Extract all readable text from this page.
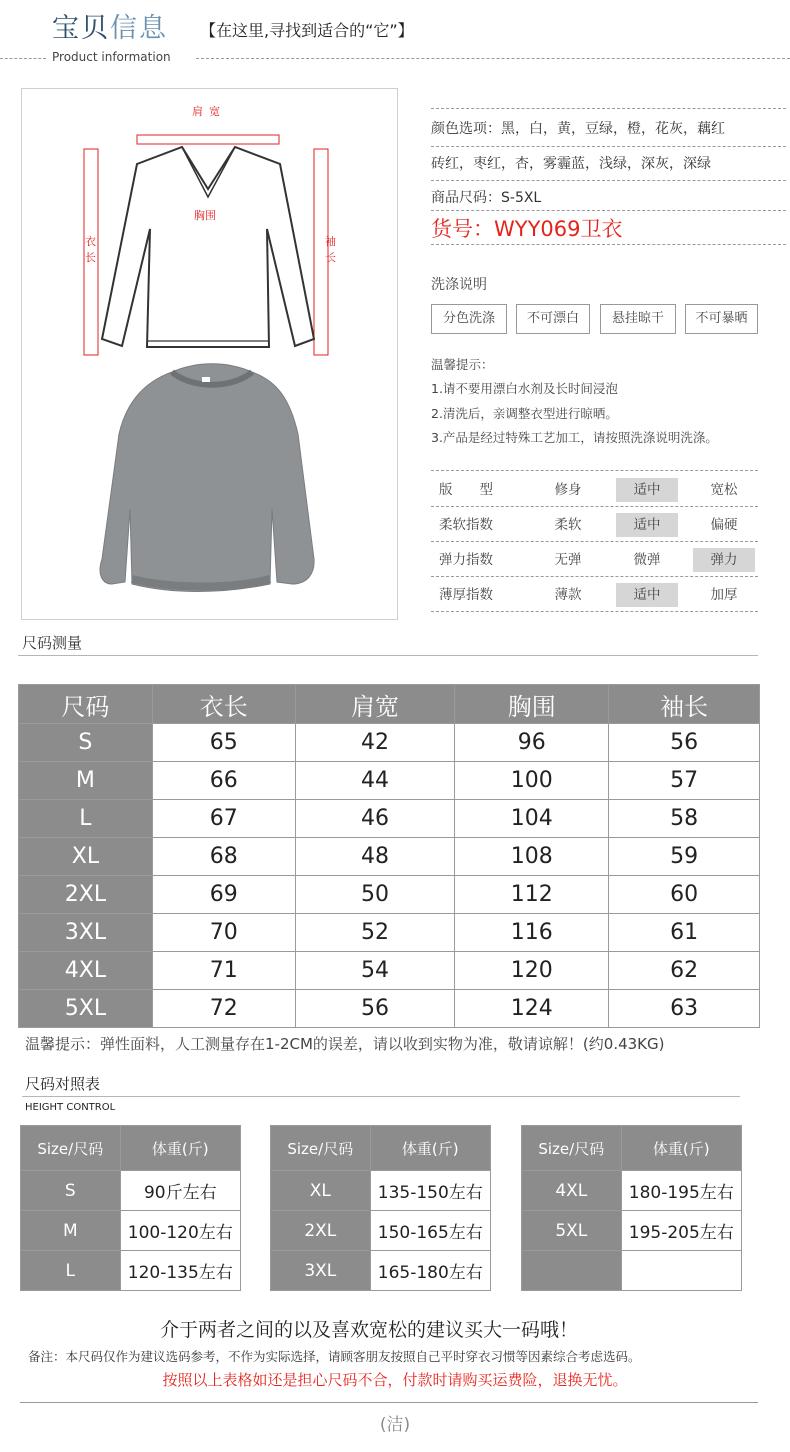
宝贝信息 【在这里,寻找到适合的“它”】
Product information
肩宽
胸围
衣长
袖长
颜色选项：黑，白，黄，豆绿，橙，花灰，藕红
砖红，枣红，杏，雾霾蓝，浅绿，深灰，深绿
商品尺码：S-5XL
货号：WYY069卫衣
洗涤说明
分色洗涤	不可漂白	悬挂晾干	不可暴晒
温馨提示：
1.请不要用漂白水剂及长时间浸泡
2.清洗后，亲调整衣型进行晾晒。
3.产品是经过特殊工艺加工，请按照洗涤说明洗涤。
版　　型	修身	适中	宽松
柔软指数	柔软	适中	偏硬
弹力指数	无弹	微弹	弹力
薄厚指数	薄款	适中	加厚
尺码测量
尺码	衣长	肩宽	胸围	袖长
S	65	42	96	56
M	66	44	100	57
L	67	46	104	58
XL	68	48	108	59
2XL	69	50	112	60
3XL	70	52	116	61
4XL	71	54	120	62
5XL	72	56	124	63
温馨提示：弹性面料，人工测量存在1-2CM的误差，请以收到实物为准，敬请谅解！(约0.43KG)
尺码对照表
HEIGHT CONTROL
Size/尺码	体重(斤)
S	90斤左右
M	100-120左右
L	120-135左右
Size/尺码	体重(斤)
XL	135-150左右
2XL	150-165左右
3XL	165-180左右
Size/尺码	体重(斤)
4XL	180-195左右
5XL	195-205左右

介于两者之间的以及喜欢宽松的建议买大一码哦！
备注：本尺码仅作为建议选码参考，不作为实际选择，请顾客朋友按照自己平时穿衣习惯等因素综合考虑选码。
按照以上表格如还是担心尺码不合，付款时请购买运费险，退换无忧。
(洁)
